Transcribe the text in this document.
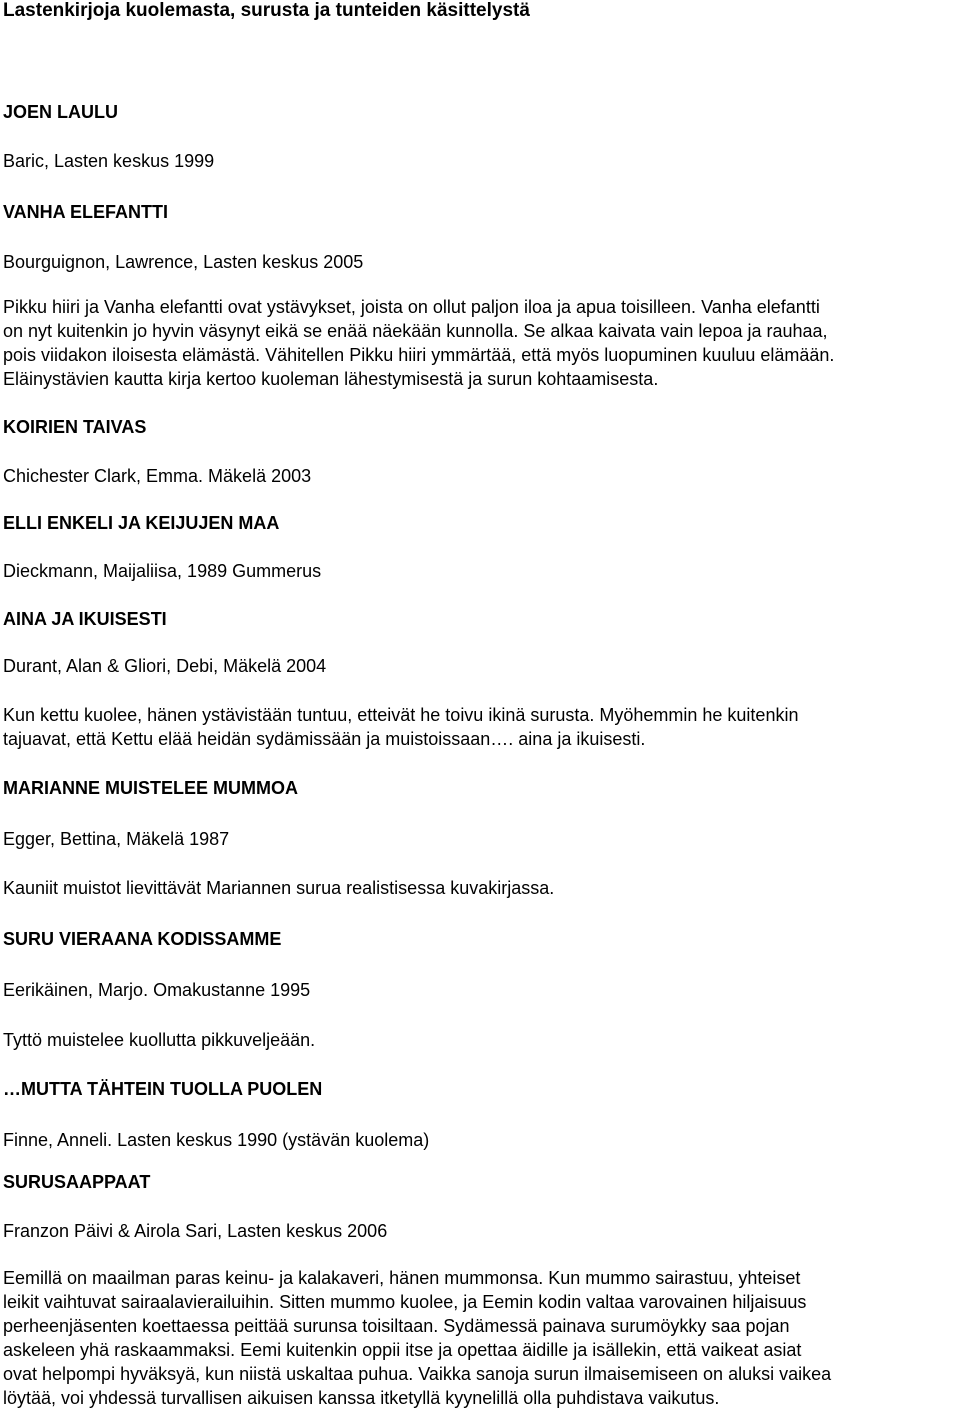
Lastenkirjoja kuolemasta, surusta ja tunteiden käsittelystä

JOEN LAULU

Baric, Lasten keskus 1999

VANHA ELEFANTTI

Bourguignon, Lawrence, Lasten keskus 2005

Pikku hiiri ja Vanha elefantti ovat ystävykset, joista on ollut paljon iloa ja apua toisilleen. Vanha elefantti
on nyt kuitenkin jo hyvin väsynyt eikä se enää näekään kunnolla. Se alkaa kaivata vain lepoa ja rauhaa,
pois viidakon iloisesta elämästä. Vähitellen Pikku hiiri ymmärtää, että myös luopuminen kuuluu elämään.
Eläinystävien kautta kirja kertoo kuoleman lähestymisestä ja surun kohtaamisesta.

KOIRIEN TAIVAS

Chichester Clark, Emma. Mäkelä 2003

ELLI ENKELI JA KEIJUJEN MAA

Dieckmann, Maijaliisa, 1989 Gummerus

AINA JA IKUISESTI

Durant, Alan & Gliori, Debi, Mäkelä 2004

Kun kettu kuolee, hänen ystävistään tuntuu, etteivät he toivu ikinä surusta. Myöhemmin he kuitenkin
tajuavat, että Kettu elää heidän sydämissään ja muistoissaan…. aina ja ikuisesti.

MARIANNE MUISTELEE MUMMOA

Egger, Bettina, Mäkelä 1987

Kauniit muistot lievittävät Mariannen surua realistisessa kuvakirjassa.

SURU VIERAANA KODISSAMME

Eerikäinen, Marjo. Omakustanne 1995

Tyttö muistelee kuollutta pikkuveljeään.

…MUTTA TÄHTEIN TUOLLA PUOLEN

Finne, Anneli. Lasten keskus 1990 (ystävän kuolema)

SURUSAAPPAAT

Franzon Päivi & Airola Sari, Lasten keskus 2006

Eemillä on maailman paras keinu- ja kalakaveri, hänen mummonsa. Kun mummo sairastuu, yhteiset
leikit vaihtuvat sairaalavierailuihin. Sitten mummo kuolee, ja Eemin kodin valtaa varovainen hiljaisuus
perheenjäsenten koettaessa peittää surunsa toisiltaan. Sydämessä painava surumöykky saa pojan
askeleen yhä raskaammaksi. Eemi kuitenkin oppii itse ja opettaa äidille ja isällekin, että vaikeat asiat
ovat helpompi hyväksyä, kun niistä uskaltaa puhua. Vaikka sanoja surun ilmaisemiseen on aluksi vaikea
löytää, voi yhdessä turvallisen aikuisen kanssa itketyllä kyynelillä olla puhdistava vaikutus.
